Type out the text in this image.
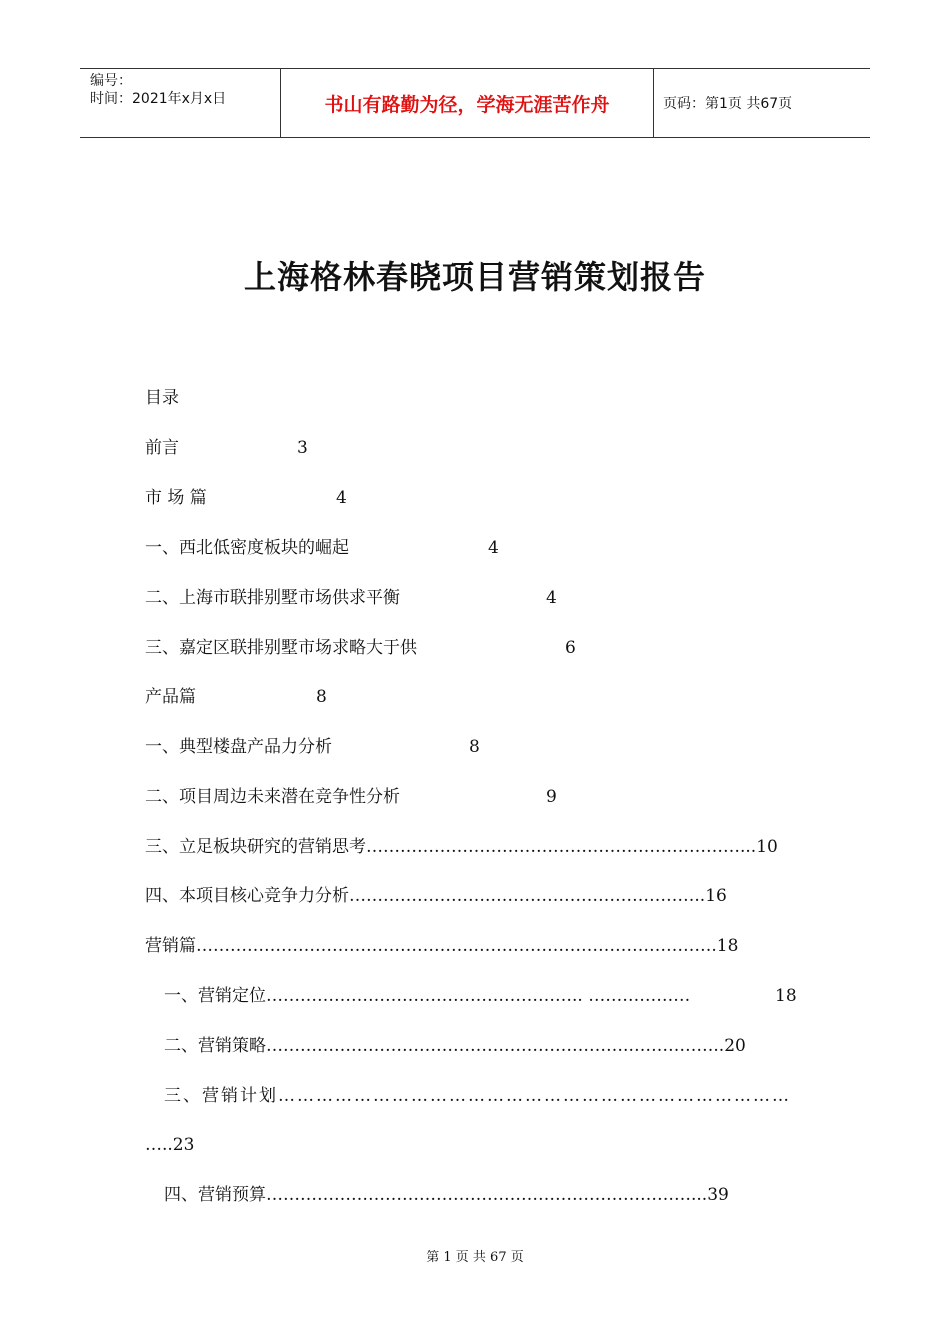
编号：
时间：2021年x月x日	书山有路勤为径，学海无涯苦作舟	页码：第1页 共67页
上海格林春晓项目营销策划报告
目录
前言	3
市 场 篇	4
一、西北低密度板块的崛起	4
二、上海市联排别墅市场供求平衡	4
三、嘉定区联排别墅市场求略大于供	6
产品篇	8
一、典型楼盘产品力分析	8
二、项目周边未来潜在竞争性分析	9
三、立足板块研究的营销思考…………………………………………………………...10
四、本项目核心竞争力分析…………………….………………………………..16
营销篇………………………………………….…………………………………….18
一、营销定位……………………………………………….. ………………	18
二、营销策略……………………………………………………….……………..20
三、营销计划………………………………………………………………………
…..23
四、营销预算…………………………………………………………………...39
第 1 页 共 67 页
